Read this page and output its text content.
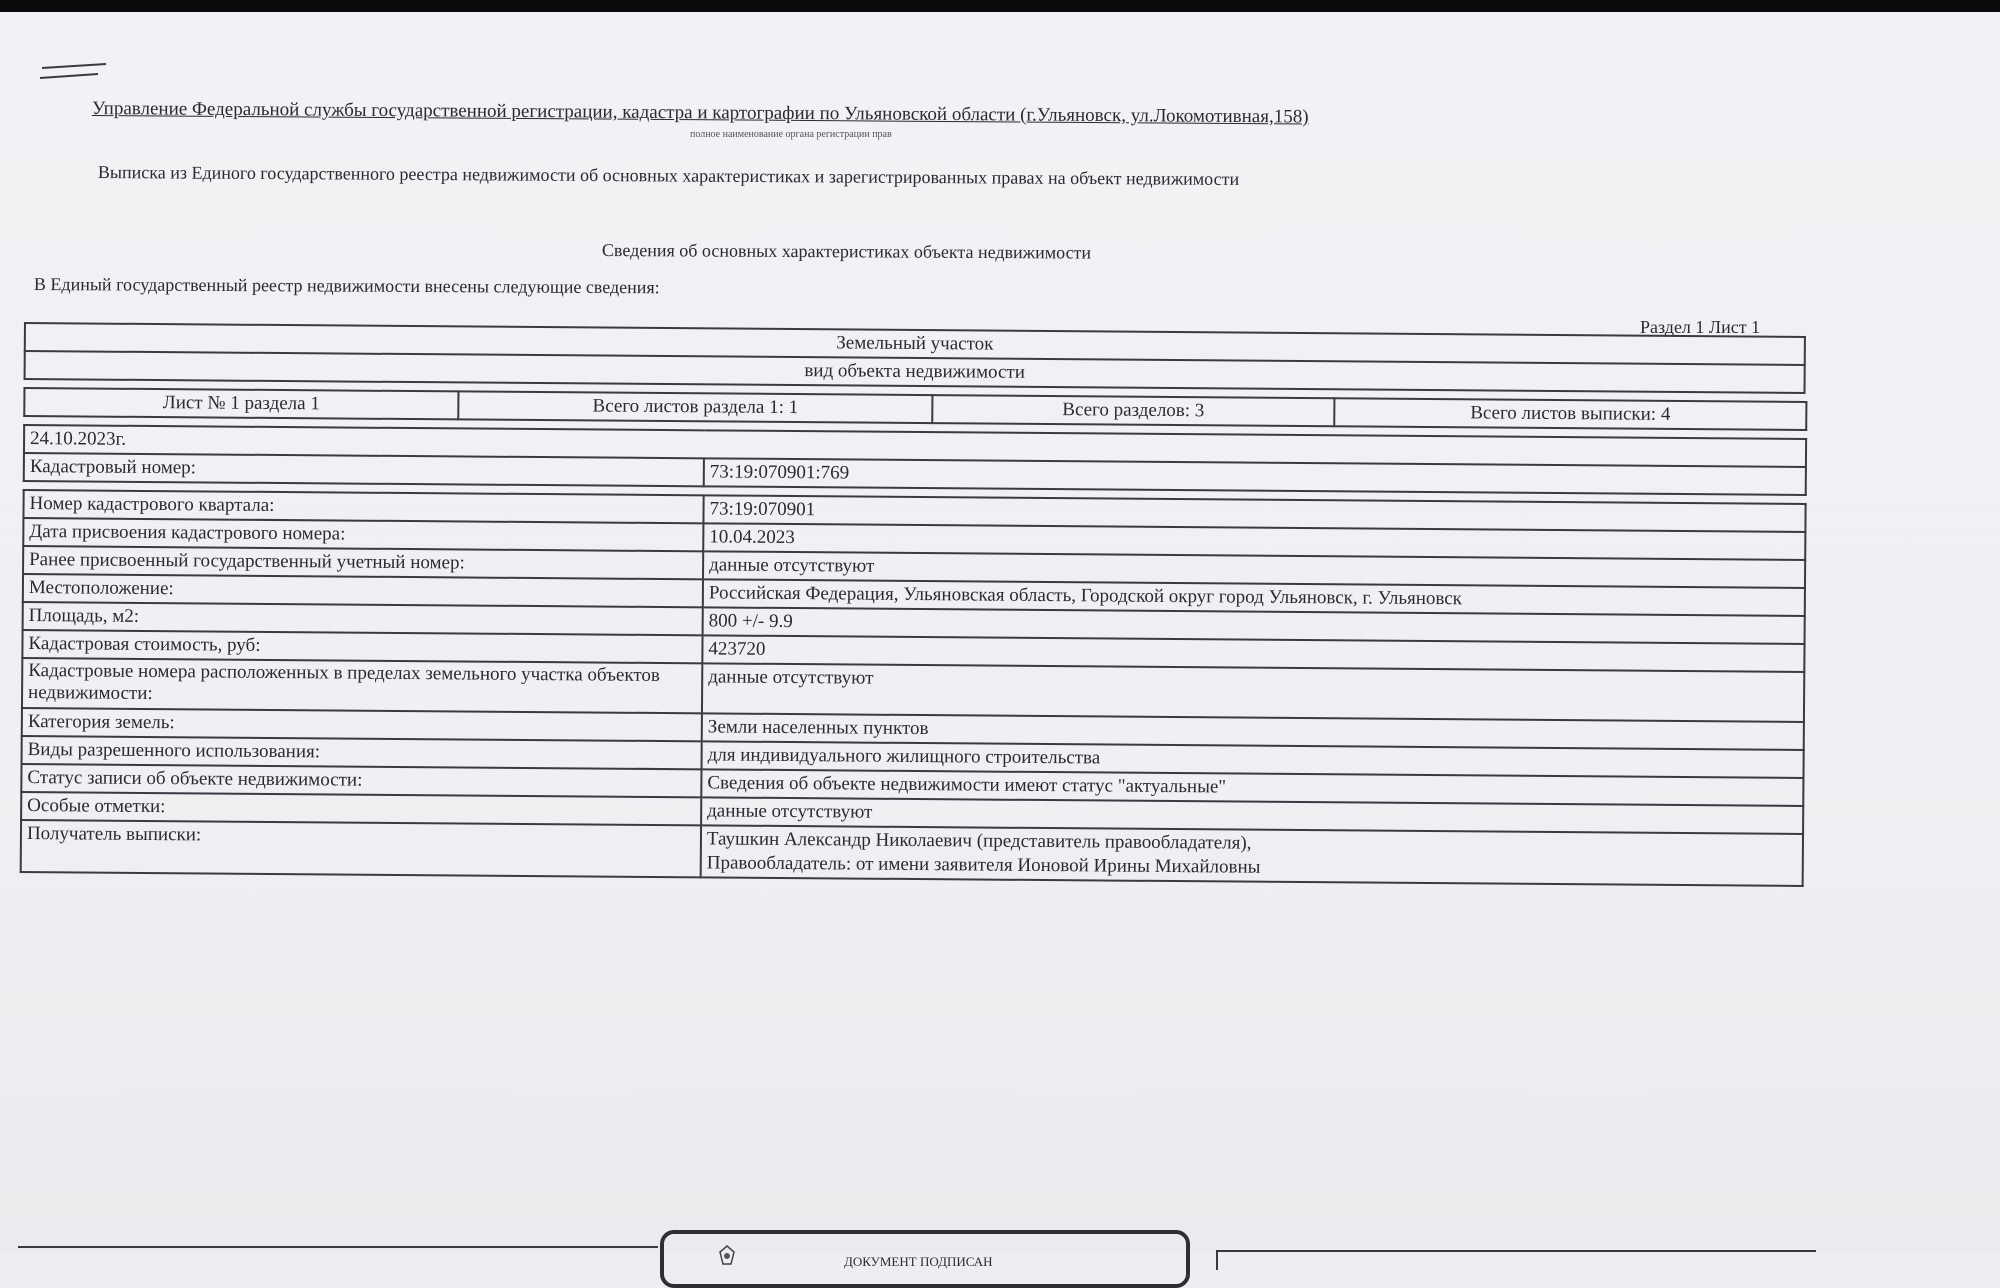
Управление Федеральной службы государственной регистрации, кадастра и картографии по Ульяновской области (г.Ульяновск, ул.Локомотивная,158)
полное наименование органа регистрации прав
Выписка из Единого государственного реестра недвижимости об основных характеристиках и зарегистрированных правах на объект недвижимости
Сведения об основных характеристиках объекта недвижимости
В Единый государственный реестр недвижимости внесены следующие сведения:
Раздел 1 Лист 1
Земельный участок
вид объекта недвижимости
Лист № 1 раздела 1	Всего листов раздела 1: 1	Всего разделов: 3	Всего листов выписки: 4
24.10.2023г.
Кадастровый номер:	73:19:070901:769
Номер кадастрового квартала:	73:19:070901
Дата присвоения кадастрового номера:	10.04.2023
Ранее присвоенный государственный учетный номер:	данные отсутствуют
Местоположение:	Российская Федерация, Ульяновская область, Городской округ город Ульяновск, г. Ульяновск
Площадь, м2:	800 +/- 9.9
Кадастровая стоимость, руб:	423720
Кадастровые номера расположенных в пределах земельного участка объектов недвижимости:	данные отсутствуют
Категория земель:	Земли населенных пунктов
Виды разрешенного использования:	для индивидуального жилищного строительства
Статус записи об объекте недвижимости:	Сведения об объекте недвижимости имеют статус "актуальные"
Особые отметки:	данные отсутствуют
Получатель выписки:	Таушкин Александр Николаевич (представитель правообладателя),
Правообладатель: от имени заявителя Ионовой Ирины Михайловны
ДОКУМЕНТ ПОДПИСАН
